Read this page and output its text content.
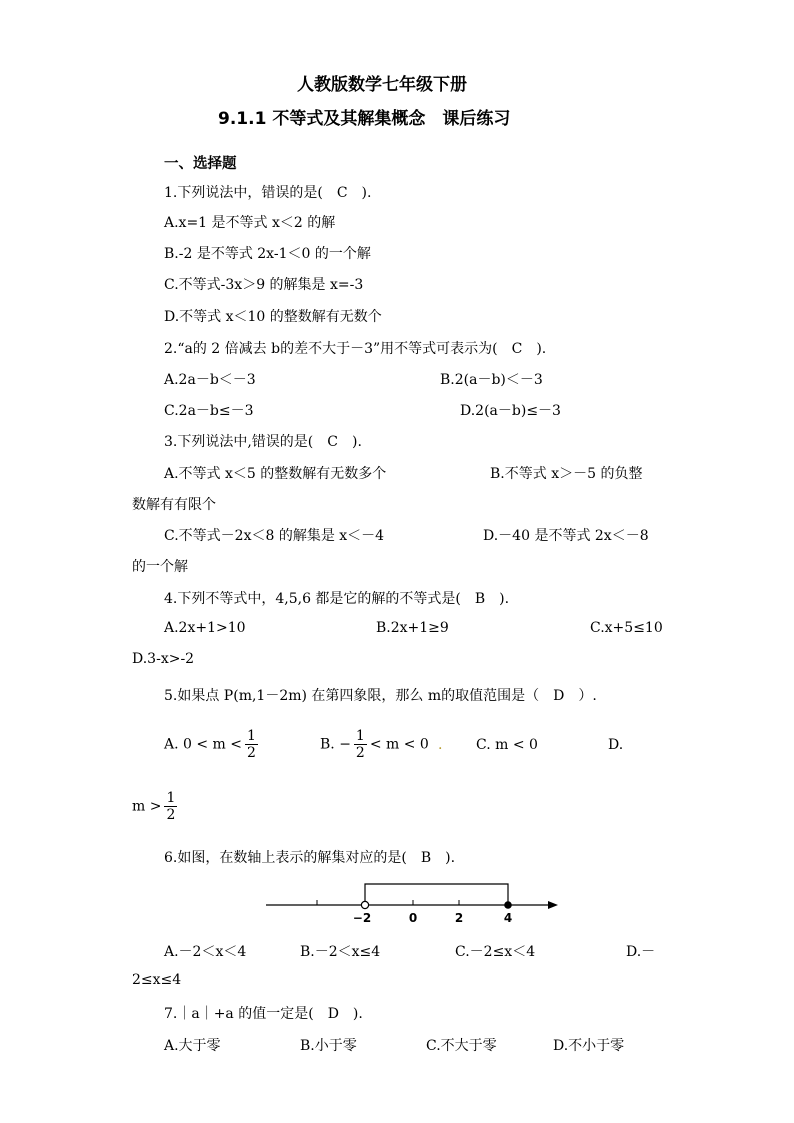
人教版数学七年级下册
9.1.1 不等式及其解集概念　课后练习
一、选择题
1.下列说法中，错误的是(　C　).
A.x=1 是不等式 x＜2 的解
B.-2 是不等式 2x-1＜0 的一个解
C.不等式-3x＞9 的解集是 x=-3
D.不等式 x＜10 的整数解有无数个
2.“a的 2 倍减去 b的差不大于－3”用不等式可表示为(　C　).
A.2a－b＜－3	B.2(a－b)＜－3
C.2a－b≤－3	D.2(a－b)≤－3
3.下列说法中,错误的是(　C　).
A.不等式 x＜5 的整数解有无数多个	B.不等式 x＞－5 的负整
数解有有限个
C.不等式－2x＜8 的解集是 x＜－4	D.－40 是不等式 2x＜－8
的一个解
4.下列不等式中，4,5,6 都是它的解的不等式是(　B　).
A.2x+1>10	B.2x+1≥9	C.x+5≤10
D.3-x>-2
5.如果点 P(m,1－2m) 在第四象限，那么 m的取值范围是（　D　）.
A. $0 < m < \frac{1}{2}$	B. − $\frac{1}{2} < m < 0$ . C. m < 0	D.
$m > \frac{1}{2}$
6.如图，在数轴上表示的解集对应的是(　B　).
−2	0	2	4
A.－2＜x＜4	B.－2＜x≤4	C.－2≤x＜4	D.－
2≤x≤4
7.｜a｜+a 的值一定是(　D　).
A.大于零	B.小于零	C.不大于零	D.不小于零
